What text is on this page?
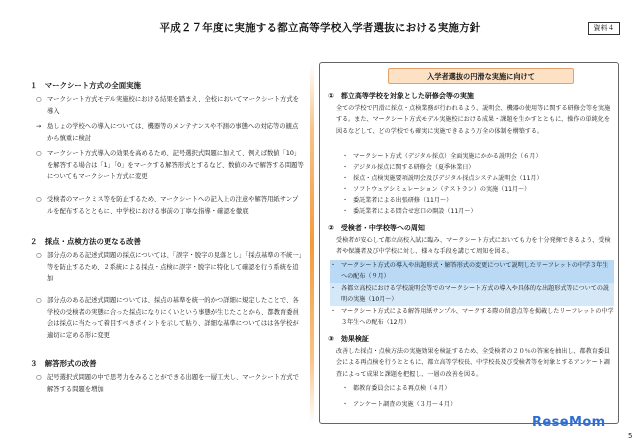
平成２７年度に実施する都立高等学校入学者選抜における実施方針	資料４
１　マークシート方式の全面実施
○ マークシート方式モデル実施校における結果を踏まえ、全校においてマークシート方式を導入
→ 島しょの学校への導入については、機器等のメンテナンスや不測の事態への対応等の観点から慎重に検討
○ マークシート方式導入の効果を高めるため、記号選択式問題に加えて、例えば数値「10」を解答する場合は「1」「0」をマークする解答形式とするなど、数値のみで解答する問題等についてもマークシート方式に変更
○ 受検者のマークミス等を防止するため、マークシートへの記入上の注意や解答用紙サンプルを配布するとともに、中学校における事前の丁寧な指導・確認を徹底
２　採点・点検方法の更なる改善
○ 部分点のある記述式問題の採点については、「誤字・脱字の見落とし」「採点基準の不統一」等を防止するため、２系統による採点・点検に誤字・脱字に特化して確認を行う系統を追加
○ 部分点のある記述式問題については、採点の基準を統一的かつ詳細に規定したことで、各学校の受検者の実態に合った採点になりにくいという事態が生じたことから、都教育委員会は採点に当たって着目すべきポイントを示して貼り、詳細な基準についてはは各学校が適切に定める形に変更
３　解答形式の改善
○ 記号選択式問題の中で思考力をみることができる出題を一層工夫し、マークシート方式で解答する問題を増加
入学者選抜の円滑な実施に向けて
①　都立高等学校を対象とした研修会等の実施
全ての学校で円滑に採点・点検業務が行われるよう、説明会、機器の使用等に関する研修会等を実施する。また、マークシート方式モデル実施校における成果・課題を生かすとともに、操作の単純化を図るなどして、どの学校でも確実に実施できるよう万全の体制を構築する。
・ マークシート方式（デジタル採点）全面実施にかかる説明会（６月）
・ デジタル採点に関する研修会（夏季休業日）
・ 採点・点検実施要項説明会及びデジタル採点システム説明会（11月）
・ ソフトウェアシミュレーション（テストラン）の実施（11月～）
・ 委託業者による出張研修（11月～）
・ 委託業者による問合せ窓口の開設（11月～）
②　受検者・中学校等への周知
受検者が安心して都立高校入試に臨み、マークシート方式においても力を十分発揮できるよう、受検者や保護者及び中学校に対し、様々な手段を講じて周知を図る。
・ マークシート方式の導入や出題形式・解答形式の変更について説明したリーフレットの中学３年生への配布（９月）
・ 各都立高校における学校説明会等でのマークシート方式の導入や具体的な出題形式等についての説明の実施（10月～）
・ マークシート方式による解答用紙サンプル、マークする際の留意点等を掲載したリーフレットの中学３年生への配布（12月）
③　効果検証
改善した採点・点検方法の実施効果を検証するため、全受検者の２０％の答案を抽出し、都教育委員会による再点検を行うとともに、都立高等学校長、中学校長及び受検者等を対象とするアンケート調査によって成果と課題を把握し、一層の改善を図る。
・ 都教育委員会による再点検（４月）
・ アンケート調査の実施（３月～４月）
ReseMom
5
